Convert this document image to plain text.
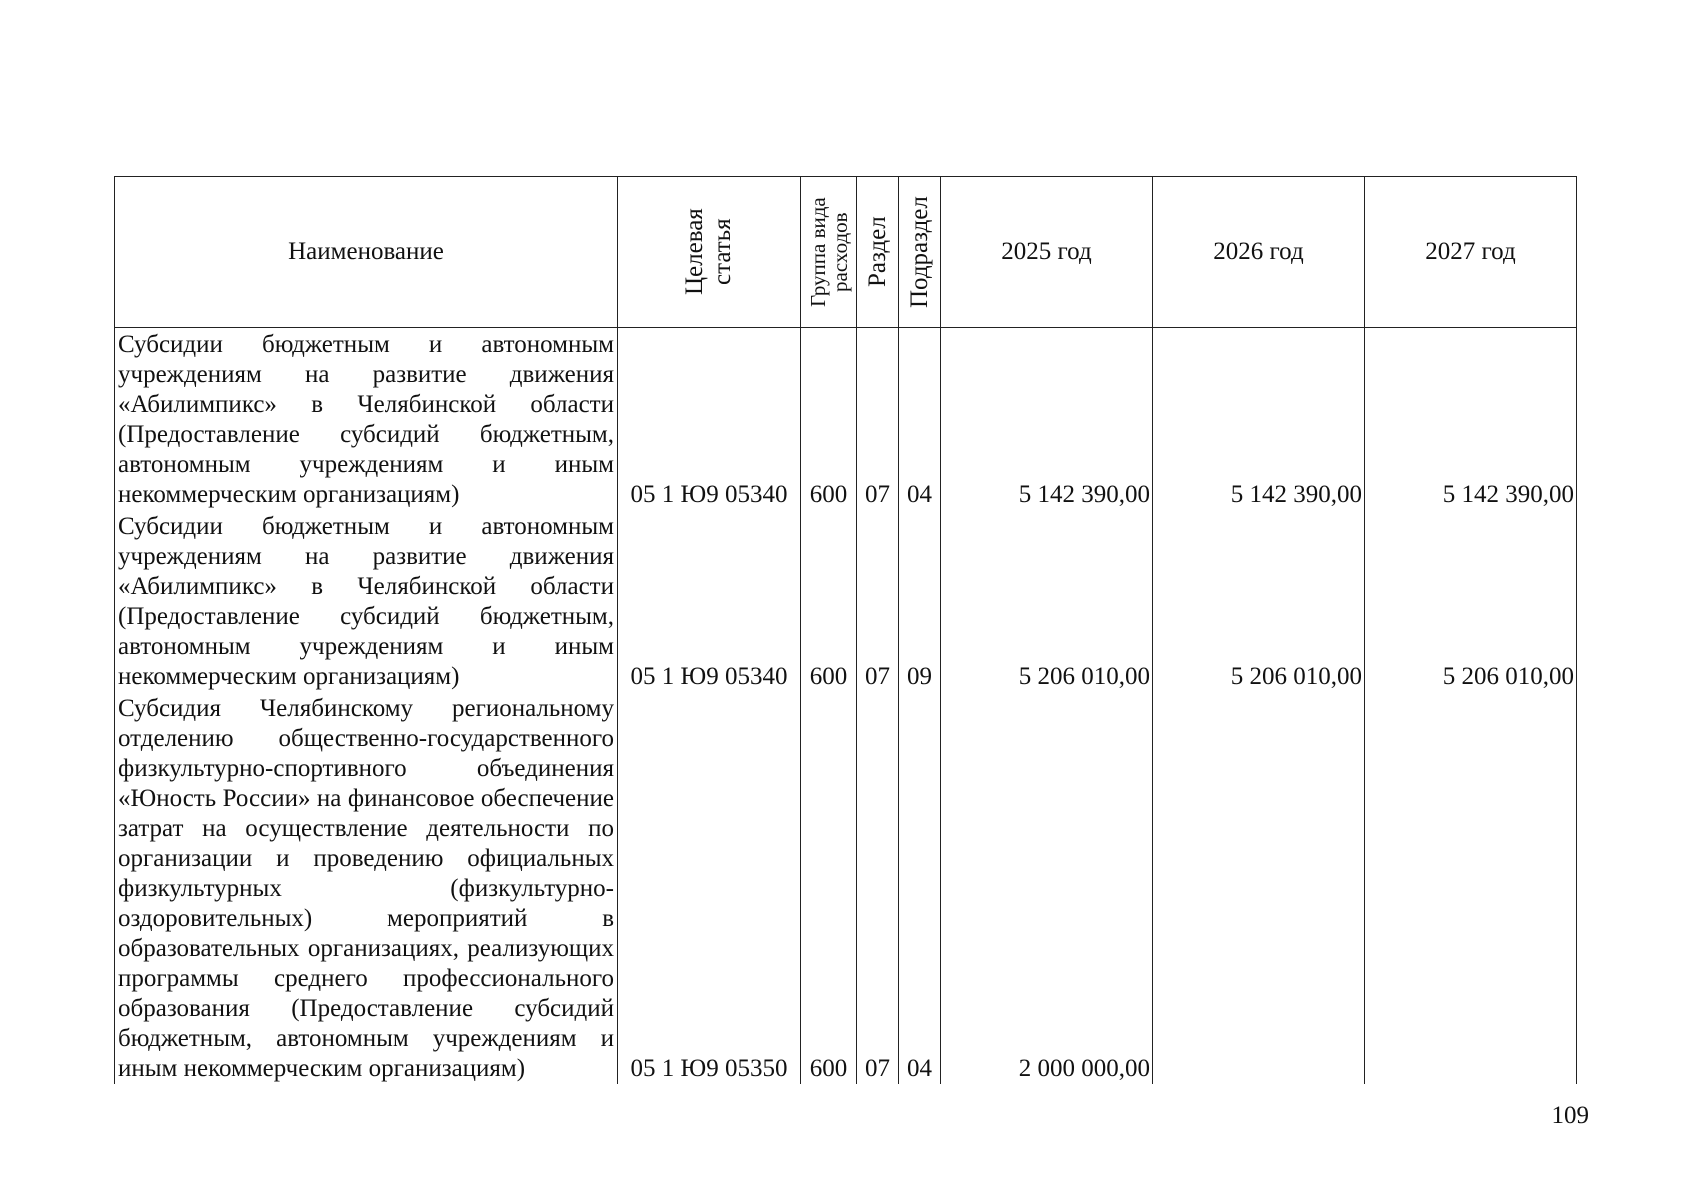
Наименование	Целевая статья	Группа вида расходов	Раздел	Подраздел	2025 год	2026 год	2027 год

Субсидии бюджетным и автономным учреждениям на развитие движения «Абилимпикс» в Челябинской области (Предоставление субсидий бюджетным, автономным учреждениям и иным некоммерческим организациям)	05 1 Ю9 05340	600	07	04	5 142 390,00	5 142 390,00	5 142 390,00

Субсидии бюджетным и автономным учреждениям на развитие движения «Абилимпикс» в Челябинской области (Предоставление субсидий бюджетным, автономным учреждениям и иным некоммерческим организациям)	05 1 Ю9 05340	600	07	09	5 206 010,00	5 206 010,00	5 206 010,00

Субсидия Челябинскому региональному отделению общественно-государственного физкультурно-спортивного объединения «Юность России» на финансовое обеспечение затрат на осуществление деятельности по организации и проведению официальных физкультурных (физкультурно-оздоровительных) мероприятий в образовательных организациях, реализующих программы среднего профессионального образования (Предоставление субсидий бюджетным, автономным учреждениям и иным некоммерческим организациям)	05 1 Ю9 05350	600	07	04	2 000 000,00		
109
